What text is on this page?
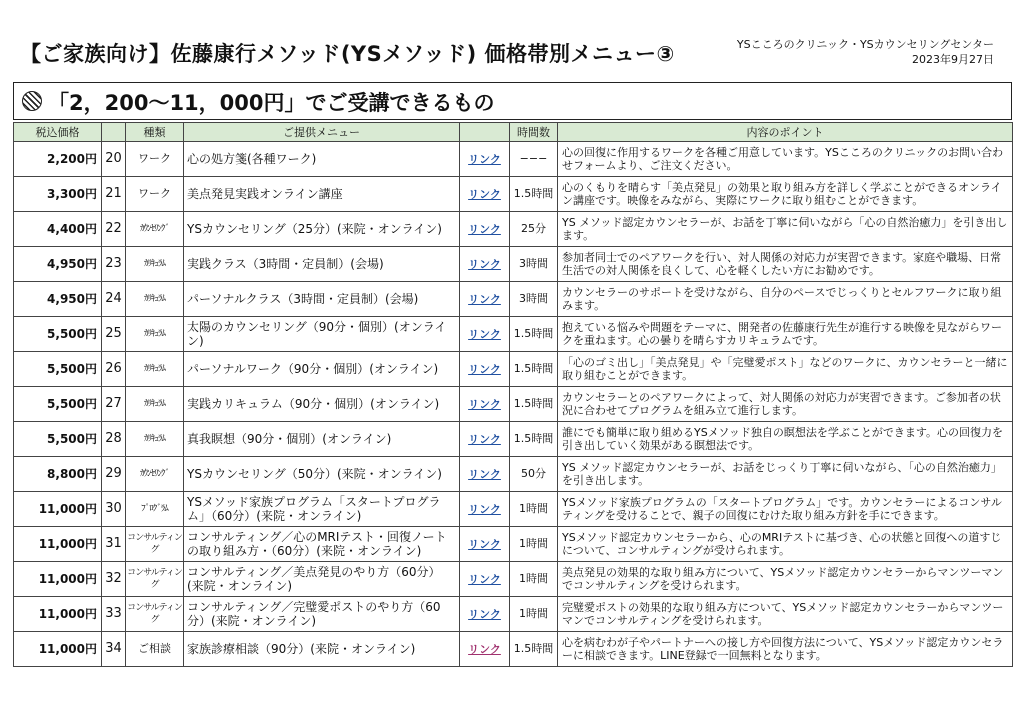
【ご家族向け】佐藤康行メソッド(YSメソッド) 価格帯別メニュー③	YSこころのクリニック・YSカウンセリングセンター
2023年9月27日
「2，200〜11，000円」でご受講できるもの
税込価格		種類	ご提供メニュー		時間数	内容のポイント
2,200円	20	ワーク	心の処方箋(各種ワーク)	リンク	−−−	心の回復に作用するワークを各種ご用意しています。YSこころのクリニックのお問い合わせフォームより、ご注文ください。
3,300円	21	ワーク	美点発見実践オンライン講座	リンク	1.5時間	心のくもりを晴らす「美点発見」の効果と取り組み方を詳しく学ぶことができるオンライン講座です。映像をみながら、実際にワークに取り組むことができます。
4,400円	22	ｶｳﾝｾﾘﾝｸﾞ	YSカウンセリング（25分）(来院・オンライン)	リンク	25分	YS メソッド認定カウンセラーが、お話を丁寧に伺いながら「心の自然治癒力」を引き出します。
4,950円	23	ｶﾘｷｭﾗﾑ	実践クラス（3時間・定員制）(会場)	リンク	3時間	参加者同士でのペアワークを行い、対人関係の対応力が実習できます。家庭や職場、日常生活での対人関係を良くして、心を軽くしたい方にお勧めです。
4,950円	24	ｶﾘｷｭﾗﾑ	パーソナルクラス（3時間・定員制）(会場)	リンク	3時間	カウンセラーのサポートを受けながら、自分のペースでじっくりとセルフワークに取り組みます。
5,500円	25	ｶﾘｷｭﾗﾑ	太陽のカウンセリング（90分・個別）(オンライン)	リンク	1.5時間	抱えている悩みや問題をテーマに、開発者の佐藤康行先生が進行する映像を見ながらワークを重ねます。心の曇りを晴らすカリキュラムです。
5,500円	26	ｶﾘｷｭﾗﾑ	パーソナルワーク（90分・個別）(オンライン)	リンク	1.5時間	「心のゴミ出し」「美点発見」や「完璧愛ポスト」などのワークに、カウンセラーと一緒に取り組むことができます。
5,500円	27	ｶﾘｷｭﾗﾑ	実践カリキュラム（90分・個別）(オンライン)	リンク	1.5時間	カウンセラーとのペアワークによって、対人関係の対応力が実習できます。ご参加者の状況に合わせてプログラムを組み立て進行します。
5,500円	28	ｶﾘｷｭﾗﾑ	真我瞑想（90分・個別）(オンライン)	リンク	1.5時間	誰にでも簡単に取り組めるYSメソッド独自の瞑想法を学ぶことができます。心の回復力を引き出していく効果がある瞑想法です。
8,800円	29	ｶｳﾝｾﾘﾝｸﾞ	YSカウンセリング（50分）(来院・オンライン)	リンク	50分	YS メソッド認定カウンセラーが、お話をじっくり丁寧に伺いながら、「心の自然治癒力」を引き出します。
11,000円	30	ﾌﾟﾛｸﾞﾗﾑ	YSメソッド家族プログラム「スタートプログラム」（60分）(来院・オンライン)	リンク	1時間	YSメソッド家族プログラムの「スタートプログラム」です。カウンセラーによるコンサルティングを受けることで、親子の回復にむけた取り組み方針を手にできます。
11,000円	31	コンサルティング	コンサルティング／心のMRIテスト・回復ノートの取り組み方・（60分）(来院・オンライン)	リンク	1時間	YSメソッド認定カウンセラーから、心のMRIテストに基づき、心の状態と回復への道すじについて、コンサルティングが受けられます。
11,000円	32	コンサルティング	コンサルティング／美点発見のやり方（60分）(来院・オンライン)	リンク	1時間	美点発見の効果的な取り組み方について、YSメソッド認定カウンセラーからマンツーマンでコンサルティングを受けられます。
11,000円	33	コンサルティング	コンサルティング／完璧愛ポストのやり方（60分）(来院・オンライン)	リンク	1時間	完璧愛ポストの効果的な取り組み方について、YSメソッド認定カウンセラーからマンツーマンでコンサルティングを受けられます。
11,000円	34	ご相談	家族診療相談（90分）(来院・オンライン)	リンク	1.5時間	心を病むわが子やパートナーへの接し方や回復方法について、YSメソッド認定カウンセラーに相談できます。LINE登録で一回無料となります。
